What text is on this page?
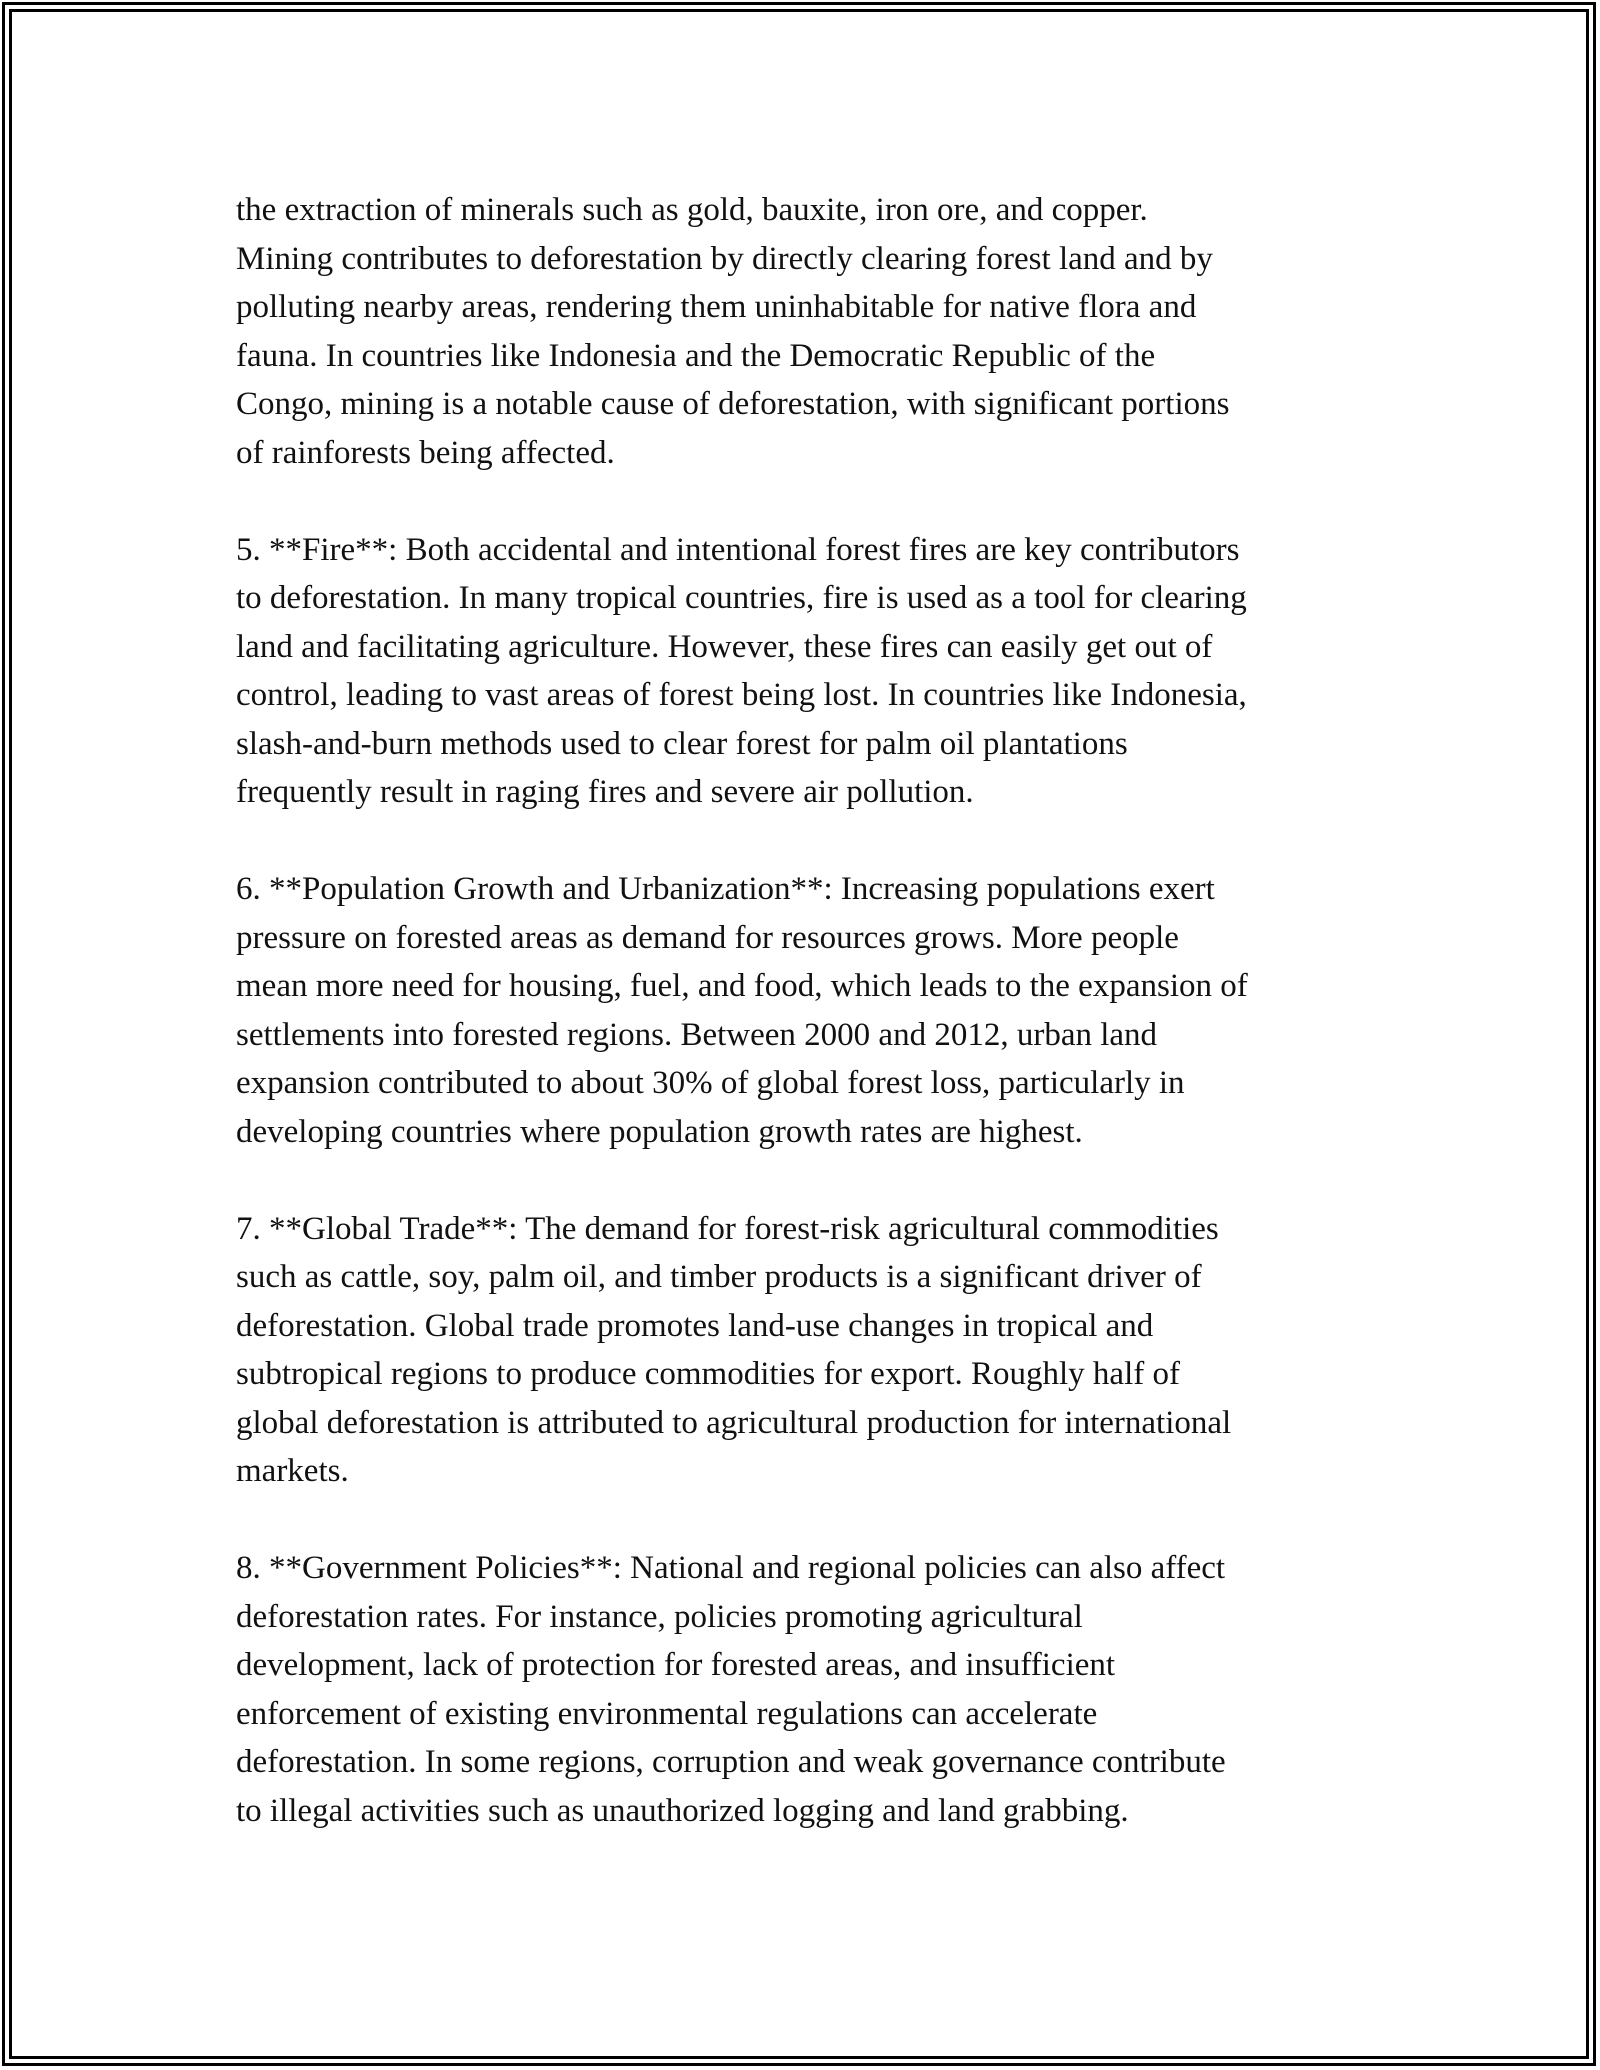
the extraction of minerals such as gold, bauxite, iron ore, and copper.
Mining contributes to deforestation by directly clearing forest land and by
polluting nearby areas, rendering them uninhabitable for native flora and
fauna. In countries like Indonesia and the Democratic Republic of the
Congo, mining is a notable cause of deforestation, with significant portions
of rainforests being affected.

5. **Fire**: Both accidental and intentional forest fires are key contributors
to deforestation. In many tropical countries, fire is used as a tool for clearing
land and facilitating agriculture. However, these fires can easily get out of
control, leading to vast areas of forest being lost. In countries like Indonesia,
slash-and-burn methods used to clear forest for palm oil plantations
frequently result in raging fires and severe air pollution.

6. **Population Growth and Urbanization**: Increasing populations exert
pressure on forested areas as demand for resources grows. More people
mean more need for housing, fuel, and food, which leads to the expansion of
settlements into forested regions. Between 2000 and 2012, urban land
expansion contributed to about 30% of global forest loss, particularly in
developing countries where population growth rates are highest.

7. **Global Trade**: The demand for forest-risk agricultural commodities
such as cattle, soy, palm oil, and timber products is a significant driver of
deforestation. Global trade promotes land-use changes in tropical and
subtropical regions to produce commodities for export. Roughly half of
global deforestation is attributed to agricultural production for international
markets.

8. **Government Policies**: National and regional policies can also affect
deforestation rates. For instance, policies promoting agricultural
development, lack of protection for forested areas, and insufficient
enforcement of existing environmental regulations can accelerate
deforestation. In some regions, corruption and weak governance contribute
to illegal activities such as unauthorized logging and land grabbing.
